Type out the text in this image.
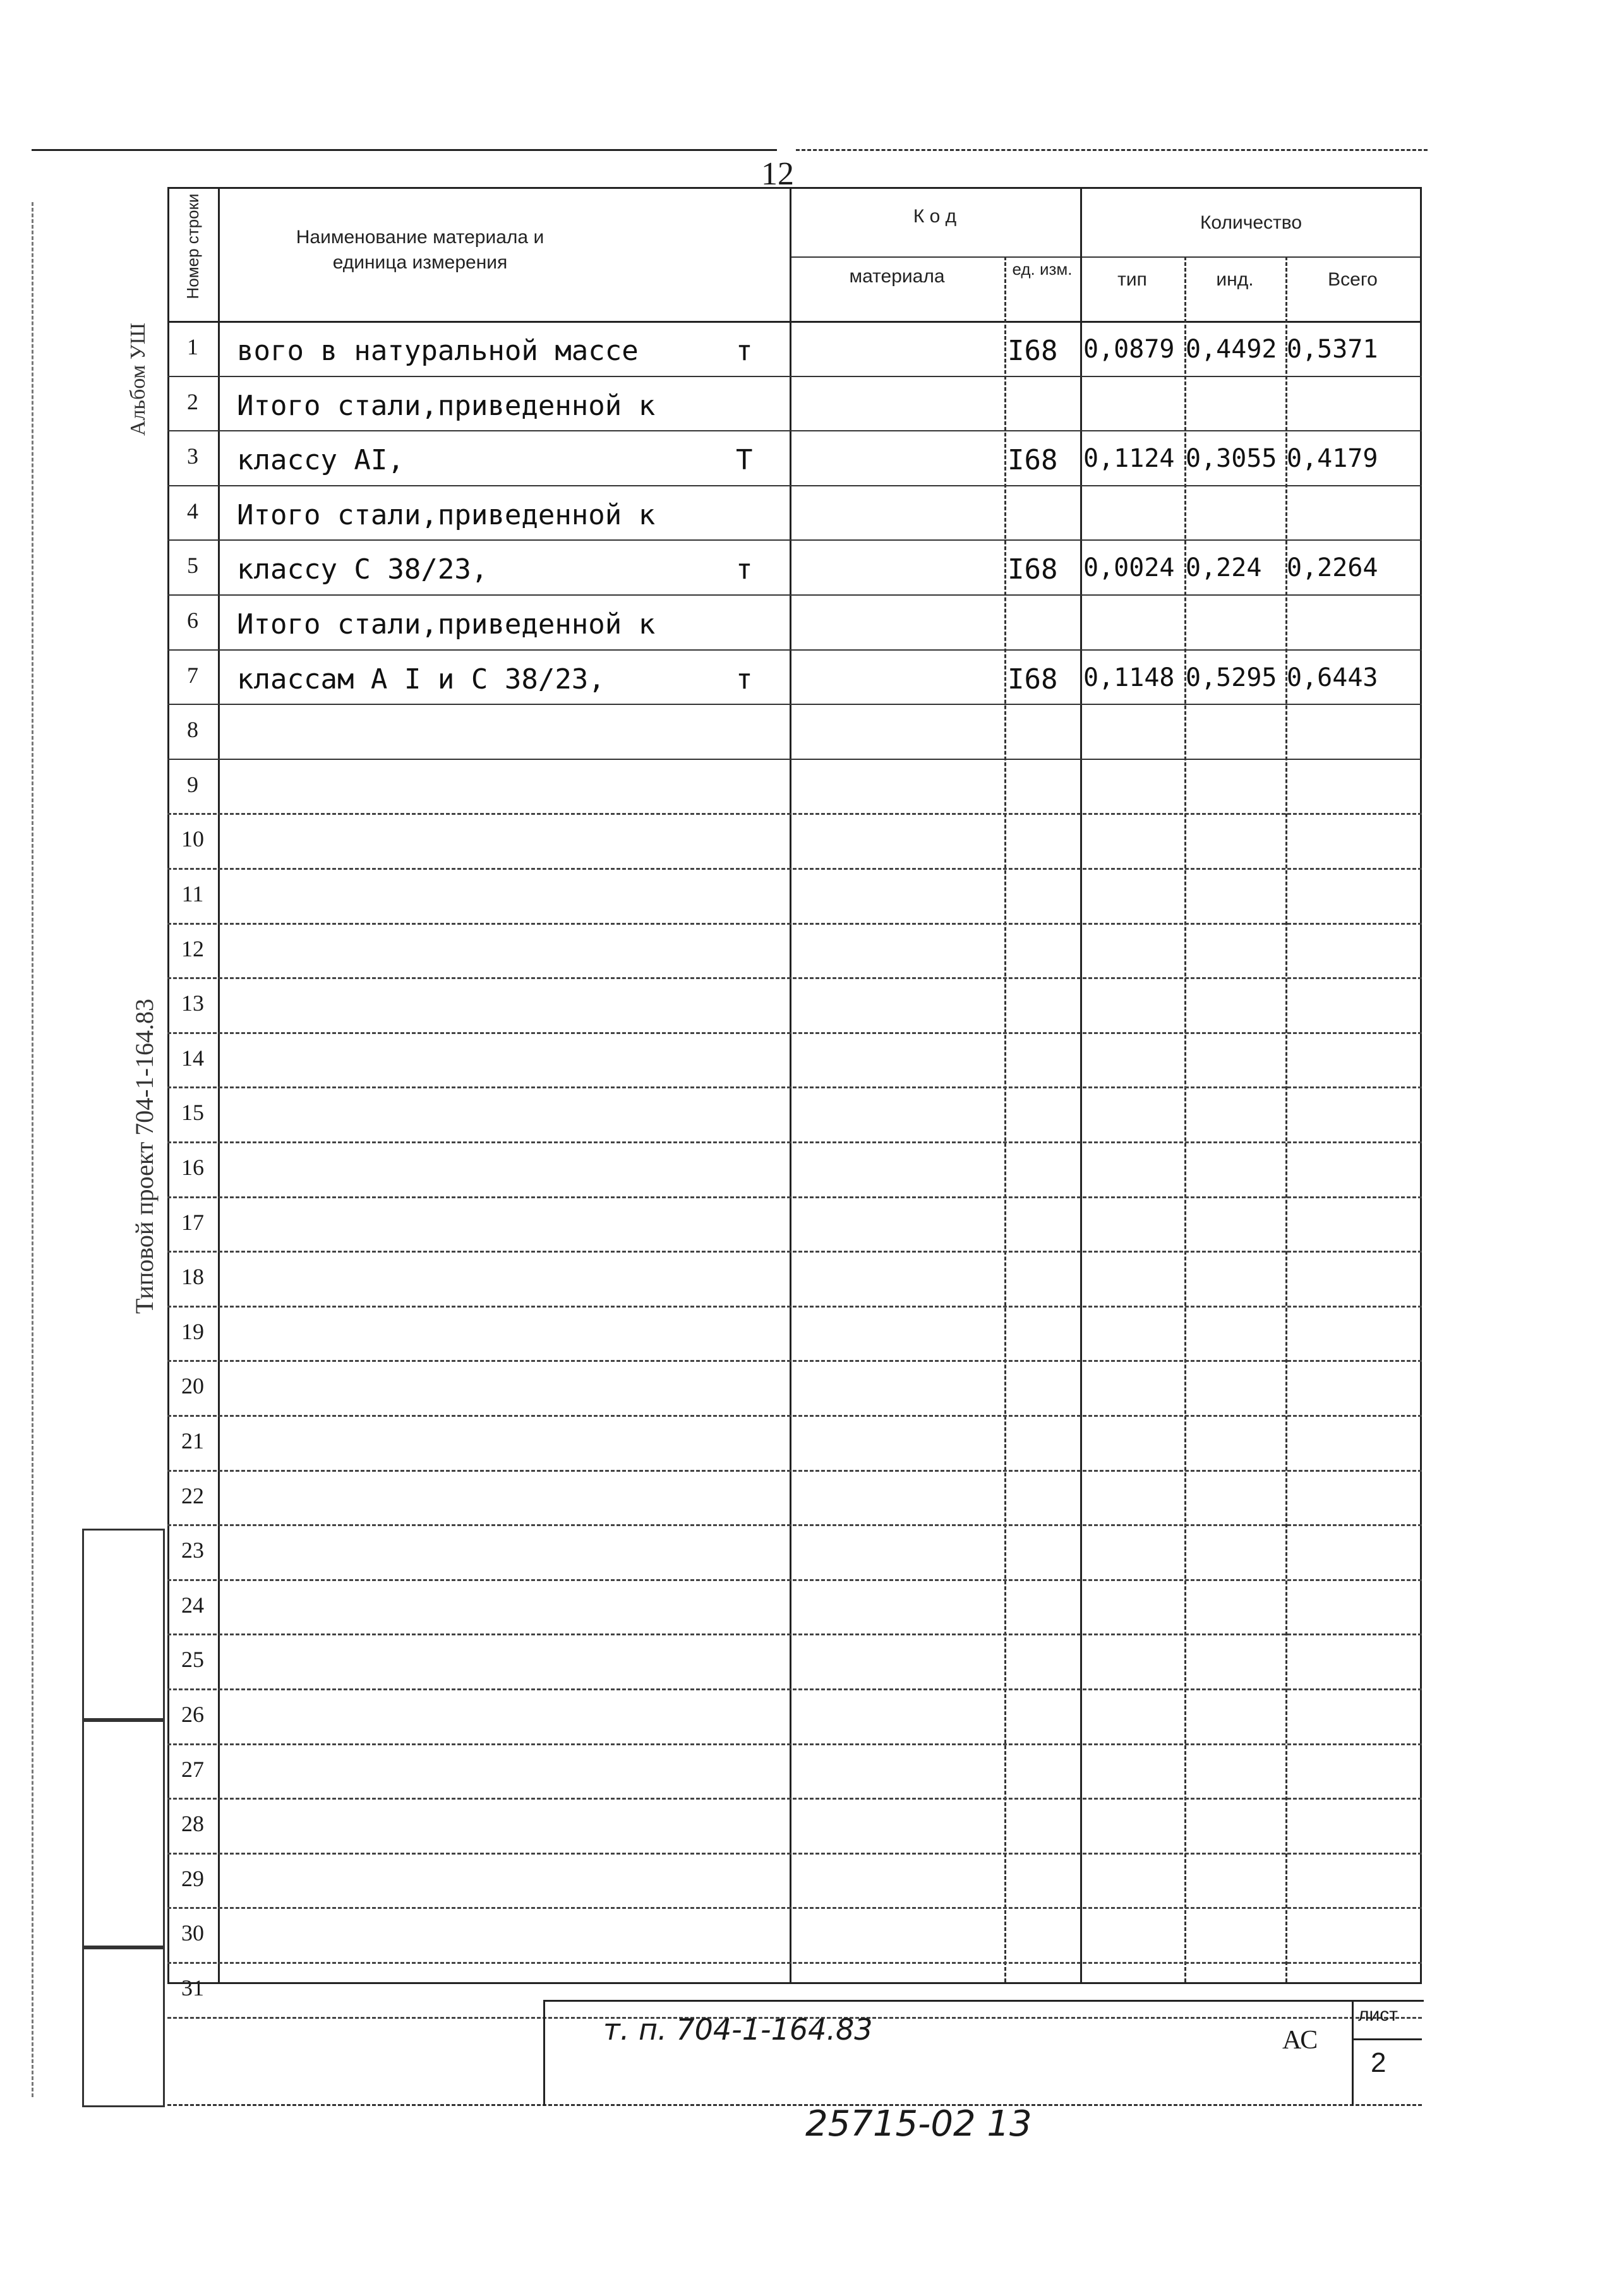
12
Альбом УШ
Типовой проект 704-1-164.83
Номер строки	Наименование материала и единица измерения
К о д
материала	ед. изм.
Количество
тип	инд.	Всего
1	вого в натуральной массе	т	I68 0,0879 0,4492 0,5371
2	Итого стали,приведенной к
3	классу AI,	Т	I68 0,1124 0,3055 0,4179
4	Итого стали,приведенной к
5	классу С 38/23,	т	I68 0,0024 0,224 0,2264
6	Итого стали,приведенной к
7	классам А I и С 38/23,	т	I68 0,1148 0,5295 0,6443
8
9
10
11
12
13
14
15
16
17
18
19
20
21
22
23
24
25
26
27
28
29
30
31
т. п. 704-1-164.83	АС
лист
2
25715-02 13
